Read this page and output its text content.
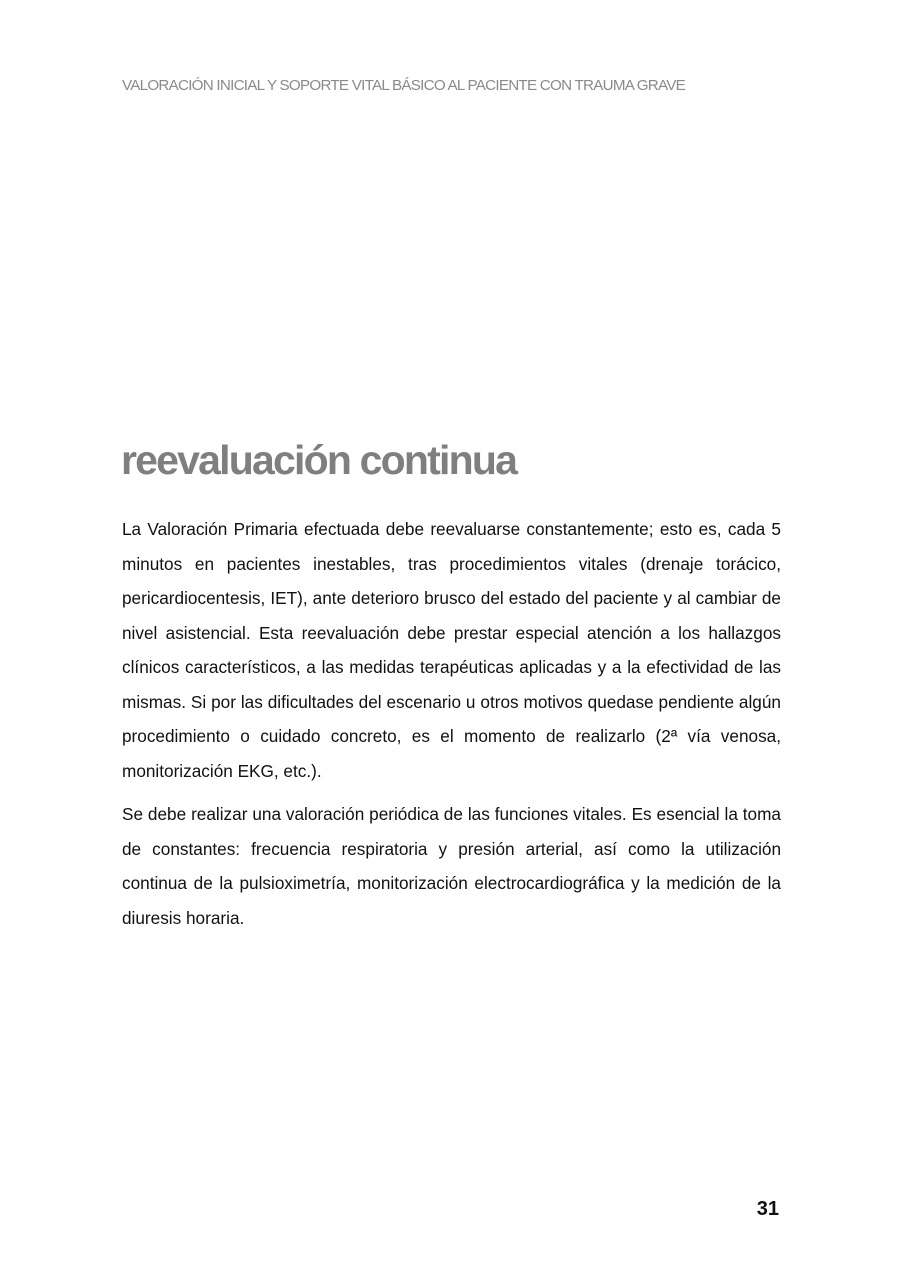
VALORACIÓN INICIAL Y SOPORTE VITAL BÁSICO AL PACIENTE CON TRAUMA GRAVE
reevaluación continua

La Valoración Primaria efectuada debe reevaluarse constantemente; esto es, cada 5 minutos en pacientes inestables, tras procedimientos vitales (drenaje torácico, pericardiocentesis, IET), ante deterioro brusco del estado del paciente y al cambiar de nivel asistencial. Esta reevaluación debe prestar especial atención a los hallazgos clínicos característicos, a las medidas terapéuticas aplicadas y a la efectividad de las mismas. Si por las dificultades del escenario u otros motivos quedase pendiente algún procedimiento o cuidado concreto, es el momento de realizarlo (2ª vía venosa, monitorización EKG, etc.).

Se debe realizar una valoración periódica de las funciones vitales. Es esencial la toma de constantes: frecuencia respiratoria y presión arterial, así como la utilización continua de la pulsioximetría, monitorización electrocardiográfica y la medición de la diuresis horaria.

31
